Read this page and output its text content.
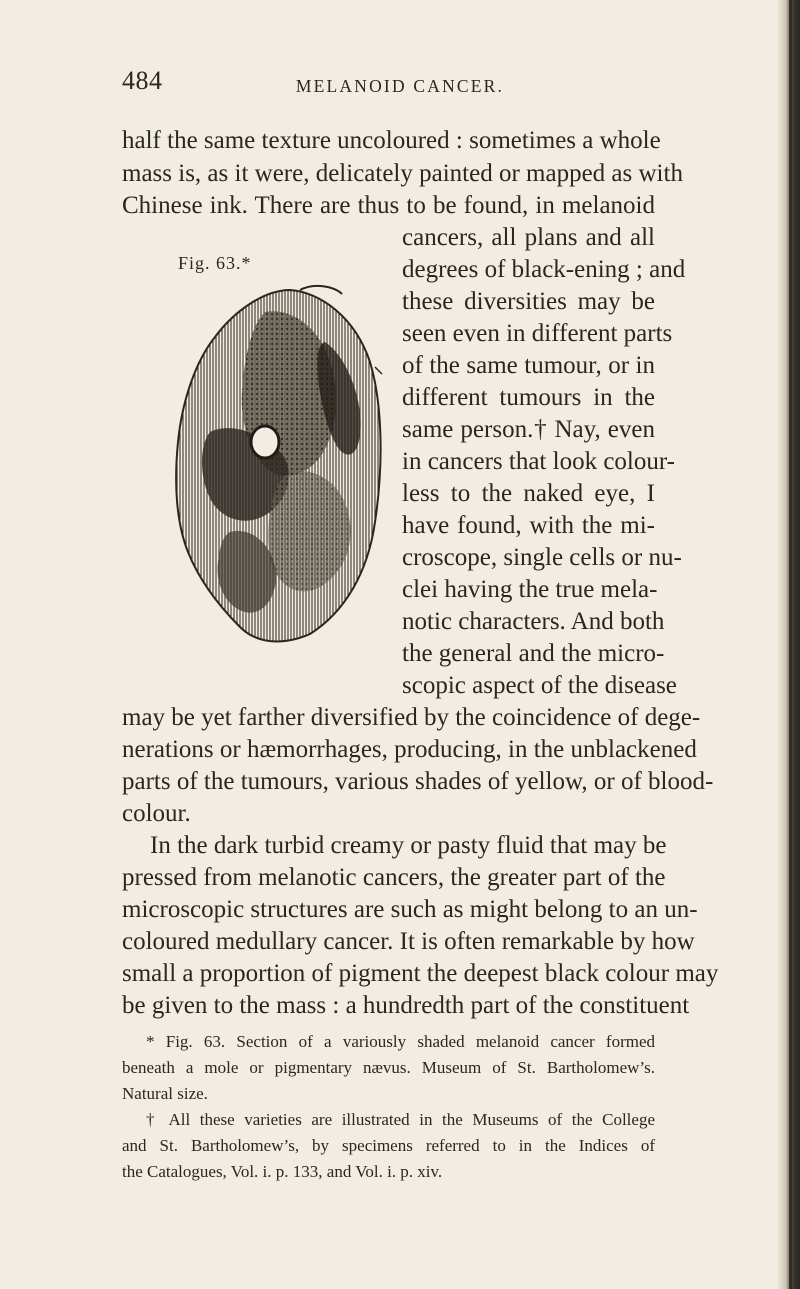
484	MELANOID CANCER.
half the same texture uncoloured : sometimes a whole
mass is, as it were, delicately painted or mapped as with
Chinese ink. There are thus to be found, in melanoid
cancers, all plans and all
degrees of black-ening ; and
these diversities may be
seen even in different parts
of the same tumour, or in
different tumours in the
same person.† Nay, even
in cancers that look colour-
less to the naked eye, I
have found, with the mi-
croscope, single cells or nu-
clei having the true mela-
notic characters. And both
the general and the micro-
scopic aspect of the disease
may be yet farther diversified by the coincidence of dege-
nerations or hæmorrhages, producing, in the unblackened
parts of the tumours, various shades of yellow, or of blood-
colour.
In the dark turbid creamy or pasty fluid that may be
pressed from melanotic cancers, the greater part of the
microscopic structures are such as might belong to an un-
coloured medullary cancer. It is often remarkable by how
small a proportion of pigment the deepest black colour may
be given to the mass : a hundredth part of the constituent
Fig. 63.*
* Fig. 63. Section of a variously shaded melanoid cancer formed
beneath a mole or pigmentary nævus. Museum of St. Bartholomew’s.
Natural size.
† All these varieties are illustrated in the Museums of the College
and St. Bartholomew’s, by specimens referred to in the Indices of
the Catalogues, Vol. i. p. 133, and Vol. i. p. xiv.
